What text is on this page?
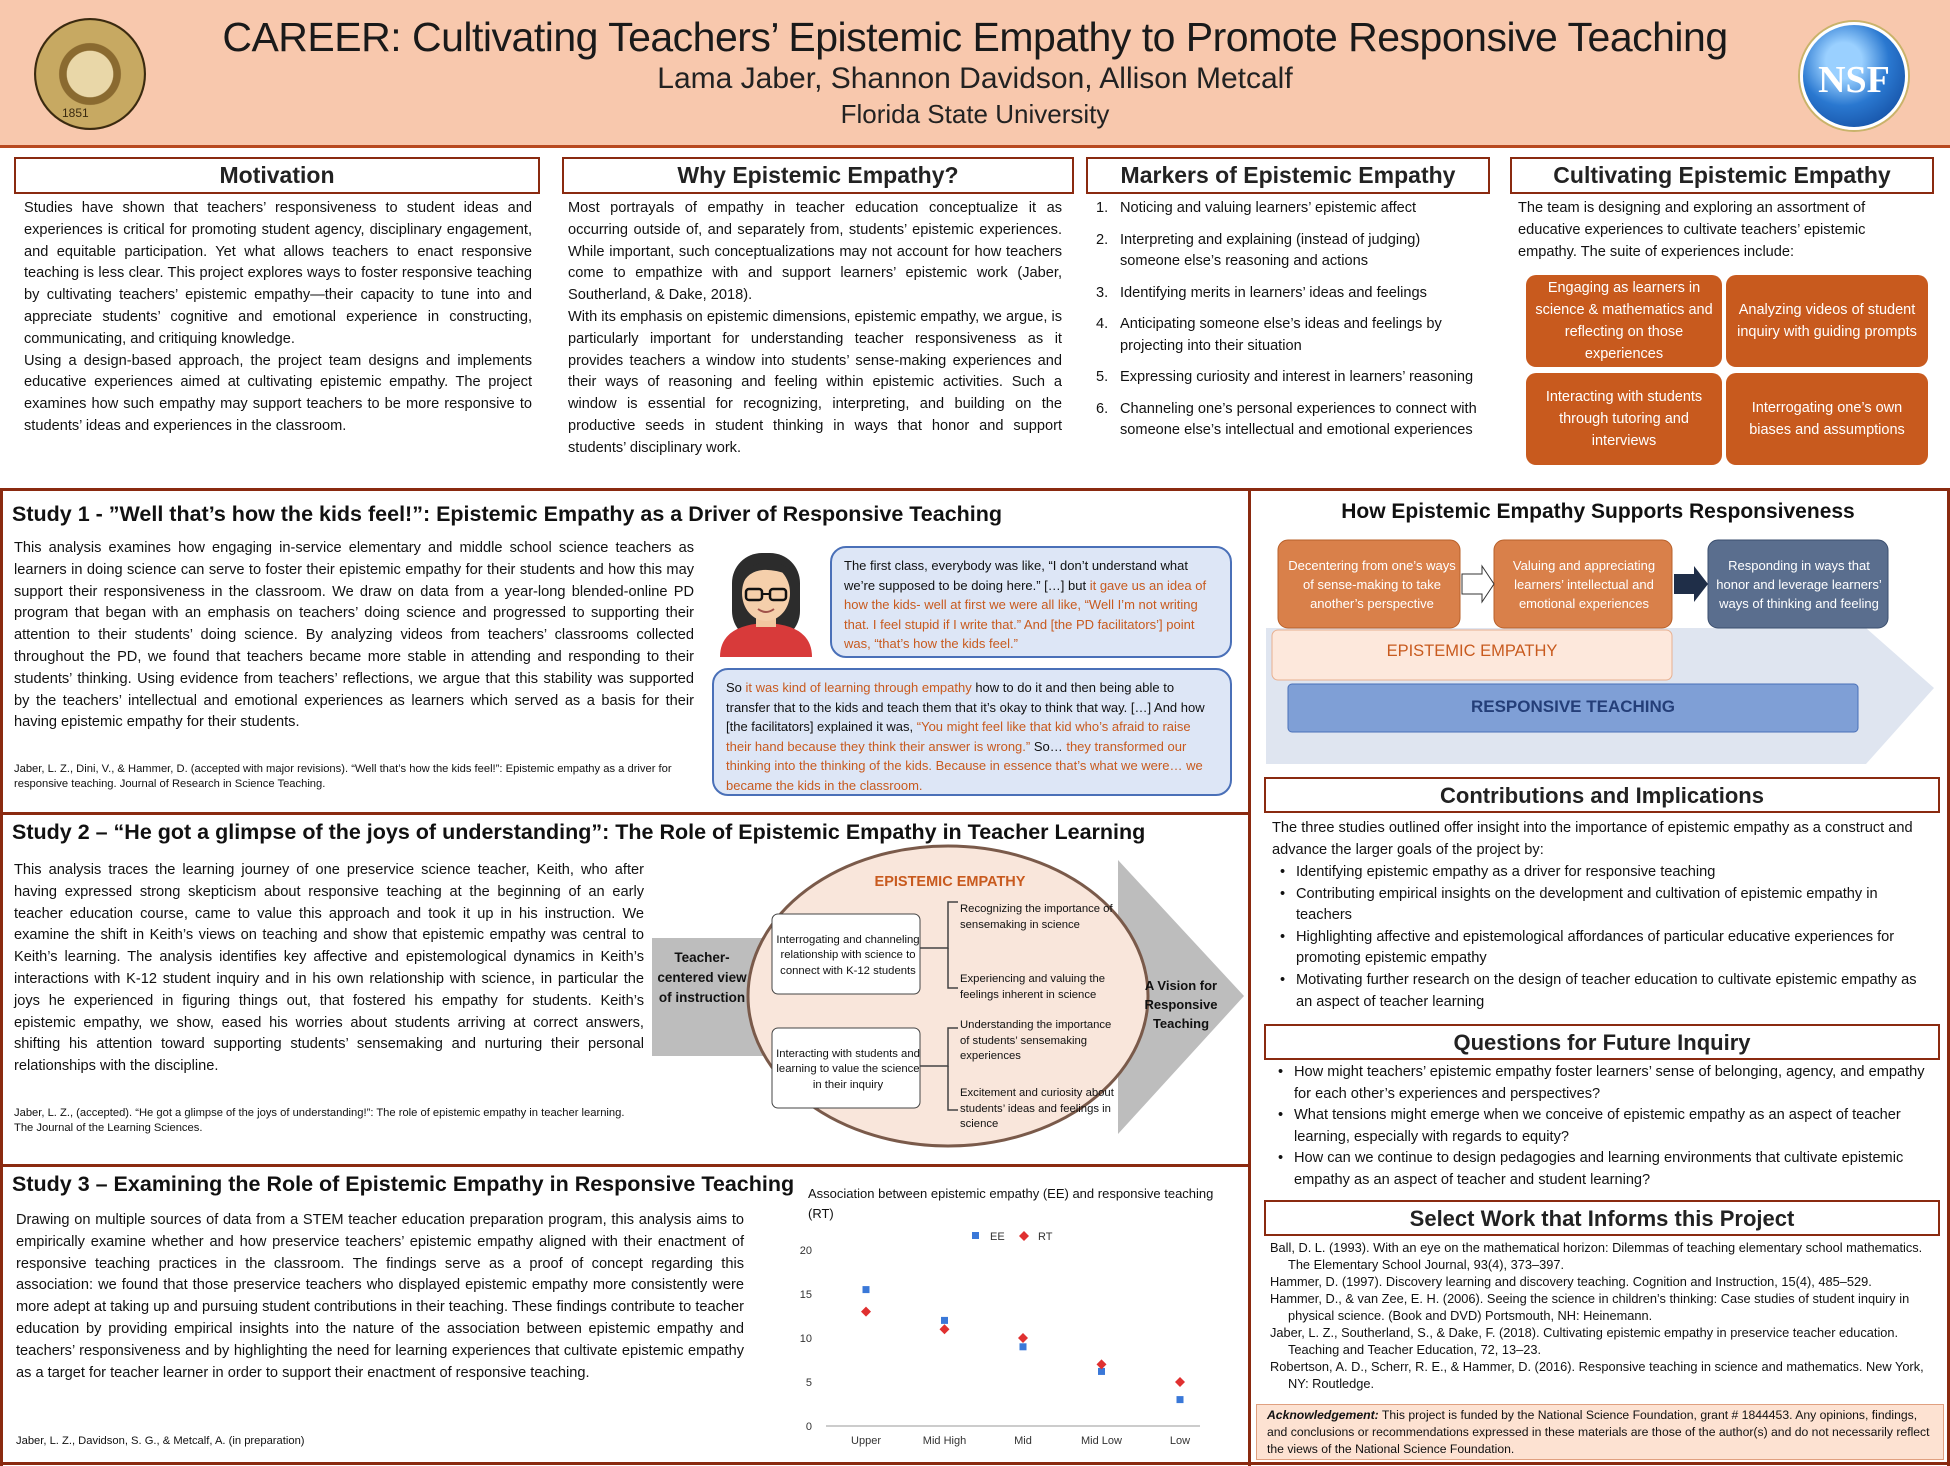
1851
CAREER: Cultivating Teachers’ Epistemic Empathy to Promote Responsive Teaching
Lama Jaber, Shannon Davidson, Allison Metcalf
Florida State University
NSF
Motivation

Studies have shown that teachers’ responsiveness to student ideas and experiences is critical for promoting student agency, disciplinary engagement, and equitable participation. Yet what allows teachers to enact responsive teaching is less clear. This project explores ways to foster responsive teaching by cultivating teachers’ epistemic empathy—their capacity to tune into and appreciate students’ cognitive and emotional experience in constructing, communicating, and critiquing knowledge.

Using a design-based approach, the project team designs and implements educative experiences aimed at cultivating epistemic empathy. The project examines how such empathy may support teachers to be more responsive to students’ ideas and experiences in the classroom.

Why Epistemic Empathy?

Most portrayals of empathy in teacher education conceptualize it as occurring outside of, and separately from, students’ epistemic experiences. While important, such conceptualizations may not account for how teachers come to empathize with and support learners’ epistemic work (Jaber, Southerland, & Dake, 2018).

With its emphasis on epistemic dimensions, epistemic empathy, we argue, is particularly important for understanding teacher responsiveness as it provides teachers a window into students’ sense-making experiences and their ways of reasoning and feeling within epistemic activities. Such a window is essential for recognizing, interpreting, and building on the productive seeds in student thinking in ways that honor and support students’ disciplinary work.

Markers of Epistemic Empathy
1. Noticing and valuing learners’ epistemic affect
2. Interpreting and explaining (instead of judging) someone else’s reasoning and actions
3. Identifying merits in learners’ ideas and feelings
4. Anticipating someone else’s ideas and feelings by projecting into their situation
5. Expressing curiosity and interest in learners’ reasoning
6. Channeling one’s personal experiences to connect with someone else’s intellectual and emotional experiences
Cultivating Epistemic Empathy
The team is designing and exploring an assortment of educative experiences to cultivate teachers’ epistemic empathy. The suite of experiences include:
Engaging as learners in science & mathematics and reflecting on those experiences
Analyzing videos of student inquiry with guiding prompts
Interacting with students through tutoring and interviews
Interrogating one’s own biases and assumptions
Study 1 - ”Well that’s how the kids feel!”: Epistemic Empathy as a Driver of Responsive Teaching
This analysis examines how engaging in-service elementary and middle school science teachers as learners in doing science can serve to foster their epistemic empathy for their students and how this may support their responsiveness in the classroom. We draw on data from a year-long blended-online PD program that began with an emphasis on teachers’ doing science and progressed to supporting their attention to their students’ doing science. By analyzing videos from teachers’ classrooms collected throughout the PD, we found that teachers became more stable in attending and responding to their students’ thinking. Using evidence from teachers’ reflections, we argue that this stability was supported by the teachers’ intellectual and emotional experiences as learners which served as a basis for their having epistemic empathy for their students.
Jaber, L. Z., Dini, V., & Hammer, D. (accepted with major revisions). “Well that’s how the kids feel!”: Epistemic empathy as a driver for responsive teaching. Journal of Research in Science Teaching.
The first class, everybody was like, “I don’t understand what we’re supposed to be doing here.” […] but it gave us an idea of how the kids- well at first we were all like, “Well I’m not writing that. I feel stupid if I write that.” And [the PD facilitators’] point was, “that’s how the kids feel.”
So it was kind of learning through empathy how to do it and then being able to transfer that to the kids and teach them that it’s okay to think that way. […] And how [the facilitators] explained it was, “You might feel like that kid who’s afraid to raise their hand because they think their answer is wrong.” So… they transformed our thinking into the thinking of the kids. Because in essence that’s what we were… we became the kids in the classroom.
How Epistemic Empathy Supports Responsiveness
Decentering from one’s ways of sense-making to take another’s perspective
Valuing and appreciating learners’ intellectual and emotional experiences
Responding in ways that honor and leverage learners’ ways of thinking and feeling
EPISTEMIC EMPATHY
RESPONSIVE TEACHING
Contributions and Implications
The three studies outlined offer insight into the importance of epistemic empathy as a construct and advance the larger goals of the project by:
• Identifying epistemic empathy as a driver for responsive teaching
• Contributing empirical insights on the development and cultivation of epistemic empathy in teachers
• Highlighting affective and epistemological affordances of particular educative experiences for promoting epistemic empathy
• Motivating further research on the design of teacher education to cultivate epistemic empathy as an aspect of teacher learning
Questions for Future Inquiry
• How might teachers’ epistemic empathy foster learners’ sense of belonging, agency, and empathy for each other’s experiences and perspectives?
• What tensions might emerge when we conceive of epistemic empathy as an aspect of teacher learning, especially with regards to equity?
• How can we continue to design pedagogies and learning environments that cultivate epistemic empathy as an aspect of teacher and student learning?
Select Work that Informs this Project

Ball, D. L. (1993). With an eye on the mathematical horizon: Dilemmas of teaching elementary school mathematics. The Elementary School Journal, 93(4), 373–397.

Hammer, D. (1997). Discovery learning and discovery teaching. Cognition and Instruction, 15(4), 485–529.

Hammer, D., & van Zee, E. H. (2006). Seeing the science in children’s thinking: Case studies of student inquiry in physical science. (Book and DVD) Portsmouth, NH: Heinemann.

Jaber, L. Z., Southerland, S., & Dake, F. (2018). Cultivating epistemic empathy in preservice teacher education. Teaching and Teacher Education, 72, 13–23.

Robertson, A. D., Scherr, R. E., & Hammer, D. (2016). Responsive teaching in science and mathematics. New York, NY: Routledge.

Acknowledgement: This project is funded by the National Science Foundation, grant # 1844453. Any opinions, findings, and conclusions or recommendations expressed in these materials are those of the author(s) and do not necessarily reflect the views of the National Science Foundation.
Study 2 – “He got a glimpse of the joys of understanding”: The Role of Epistemic Empathy in Teacher Learning
This analysis traces the learning journey of one preservice science teacher, Keith, who after having expressed strong skepticism about responsive teaching at the beginning of an early teacher education course, came to value this approach and took it up in his instruction. We examine the shift in Keith’s views on teaching and show that epistemic empathy was central to Keith’s learning. The analysis identifies key affective and epistemological dynamics in Keith’s interactions with K-12 student inquiry and in his own relationship with science, in particular the joys he experienced in figuring things out, that fostered his empathy for students. Keith’s epistemic empathy, we show, eased his worries about students arriving at correct answers, shifting his attention toward supporting students’ sensemaking and nurturing their personal relationships with the discipline.
Jaber, L. Z., (accepted). “He got a glimpse of the joys of understanding!”: The role of epistemic empathy in teacher learning. The Journal of the Learning Sciences.
Teacher-centered view of instruction
A Vision for Responsive Teaching
EPISTEMIC EMPATHY
Interrogating and channeling relationship with science to connect with K-12 students
Interacting with students and learning to value the science in their inquiry
Recognizing the importance of sensemaking in science
Experiencing and valuing the feelings inherent in science
Understanding the importance of students’ sensemaking experiences
Excitement and curiosity about students’ ideas and feelings in science
Study 3 – Examining the Role of Epistemic Empathy in Responsive Teaching
Drawing on multiple sources of data from a STEM teacher education preparation program, this analysis aims to empirically examine whether and how preservice teachers’ epistemic empathy aligned with their enactment of responsive teaching practices in the classroom. The findings serve as a proof of concept regarding this association: we found that those preservice teachers who displayed epistemic empathy more consistently were more adept at taking up and pursuing student contributions in their teaching. These findings contribute to teacher education by providing empirical insights into the nature of the association between epistemic empathy and teachers’ responsiveness and by highlighting the need for learning experiences that cultivate epistemic empathy as a target for teacher learner in order to support their enactment of responsive teaching.
Jaber, L. Z., Davidson, S. G., & Metcalf, A. (in preparation)
Association between epistemic empathy (EE) and responsive teaching (RT)
0
5
10
15
20
Upper	Mid High	Mid	Mid Low	Low
EE	RT
